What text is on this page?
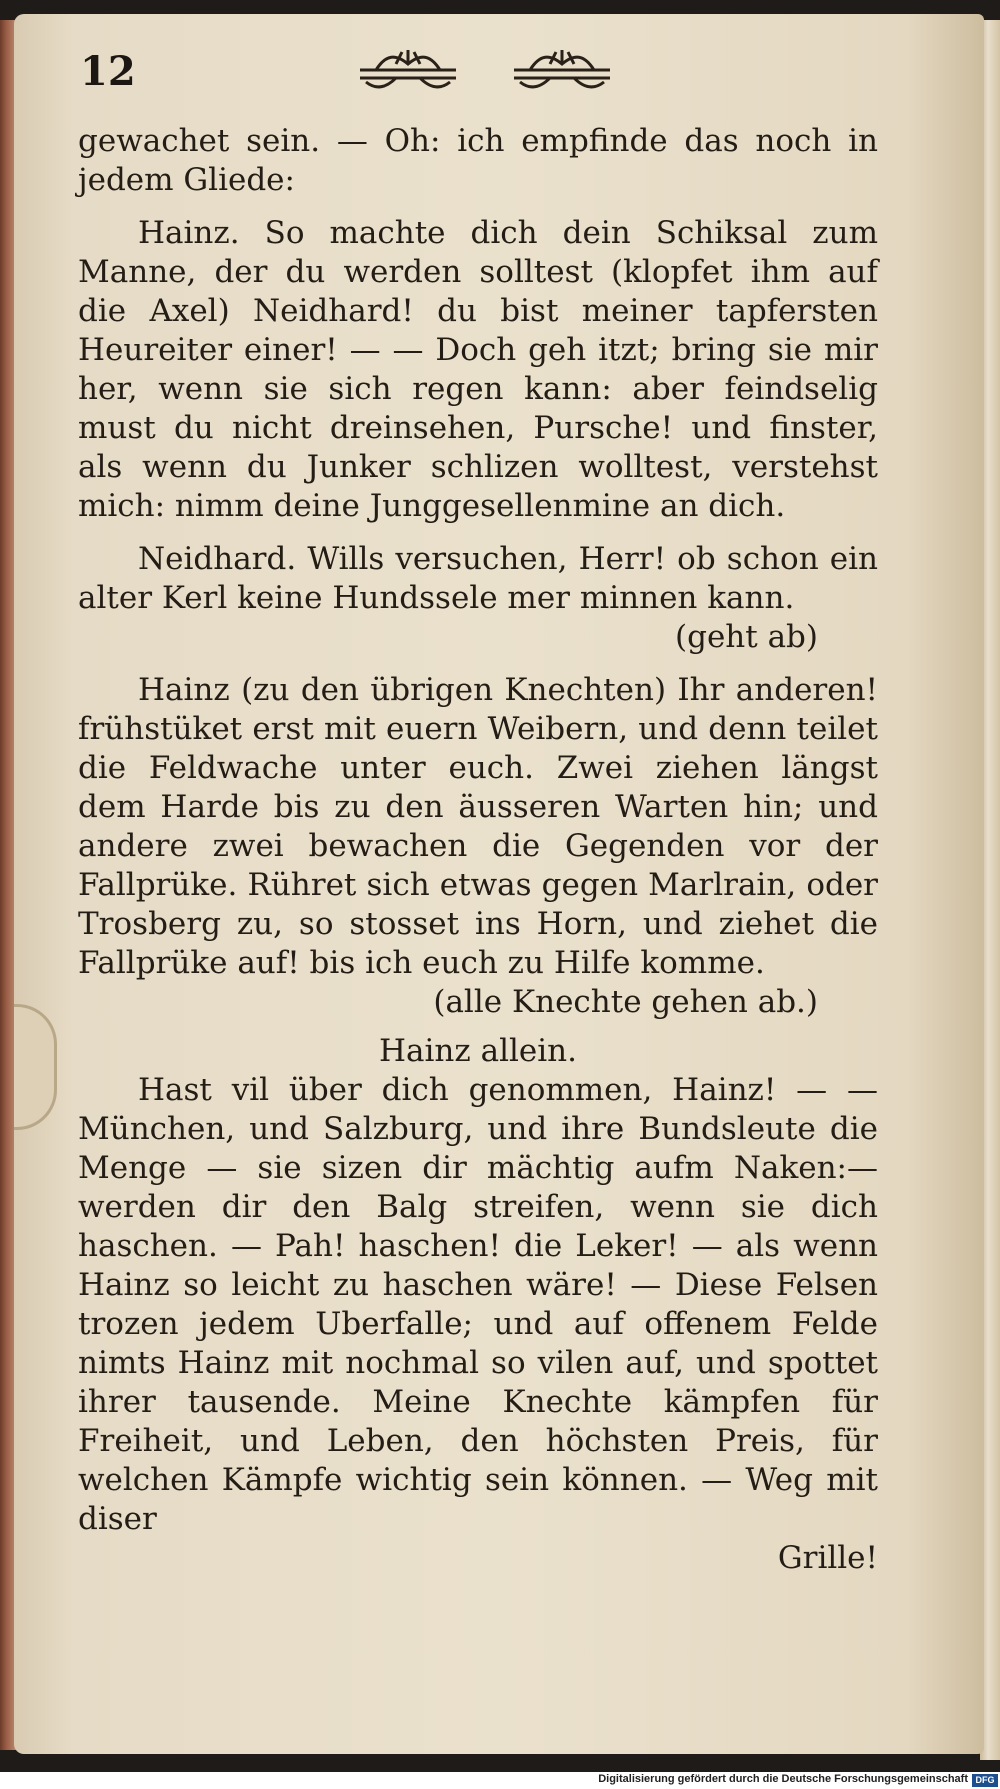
12

gewachet sein. — Oh: ich empfinde das noch in jedem Gliede:

Hainz. So machte dich dein Schiksal zum Manne, der du werden solltest (klopfet ihm auf die Axel) Neidhard! du bist meiner tapfersten Heureiter einer! — — Doch geh itzt; bring sie mir her, wenn sie sich regen kann: aber feindselig must du nicht dreinsehen, Pursche! und finster, als wenn du Junker schlizen wolltest, verstehst mich: nimm deine Junggesellenmine an dich.

Neidhard. Wills versuchen, Herr! ob schon ein alter Kerl keine Hundssele mer minnen kann.

(geht ab)

Hainz (zu den übrigen Knechten) Ihr anderen! frühstüket erst mit euern Weibern, und denn teilet die Feldwache unter euch. Zwei ziehen längst dem Harde bis zu den äusseren Warten hin; und andere zwei bewachen die Gegenden vor der Fallprüke. Rühret sich etwas gegen Marlrain, oder Trosberg zu, so stosset ins Horn, und ziehet die Fallprüke auf! bis ich euch zu Hilfe komme.

(alle Knechte gehen ab.)

Hainz allein.

Hast vil über dich genommen, Hainz! — — München, und Salzburg, und ihre Bundsleute die Menge — sie sizen dir mächtig aufm Naken:— werden dir den Balg streifen, wenn sie dich haschen. — Pah! haschen! die Leker! — als wenn Hainz so leicht zu haschen wäre! — Diese Felsen trozen jedem Uberfalle; und auf offenem Felde nimts Hainz mit nochmal so vilen auf, und spottet ihrer tausende. Meine Knechte kämpfen für Freiheit, und Leben, den höchsten Preis, für welchen Kämpfe wichtig sein können. — Weg mit diser

Grille!

Digitalisierung gefördert durch die Deutsche Forschungsgemeinschaft DFG
